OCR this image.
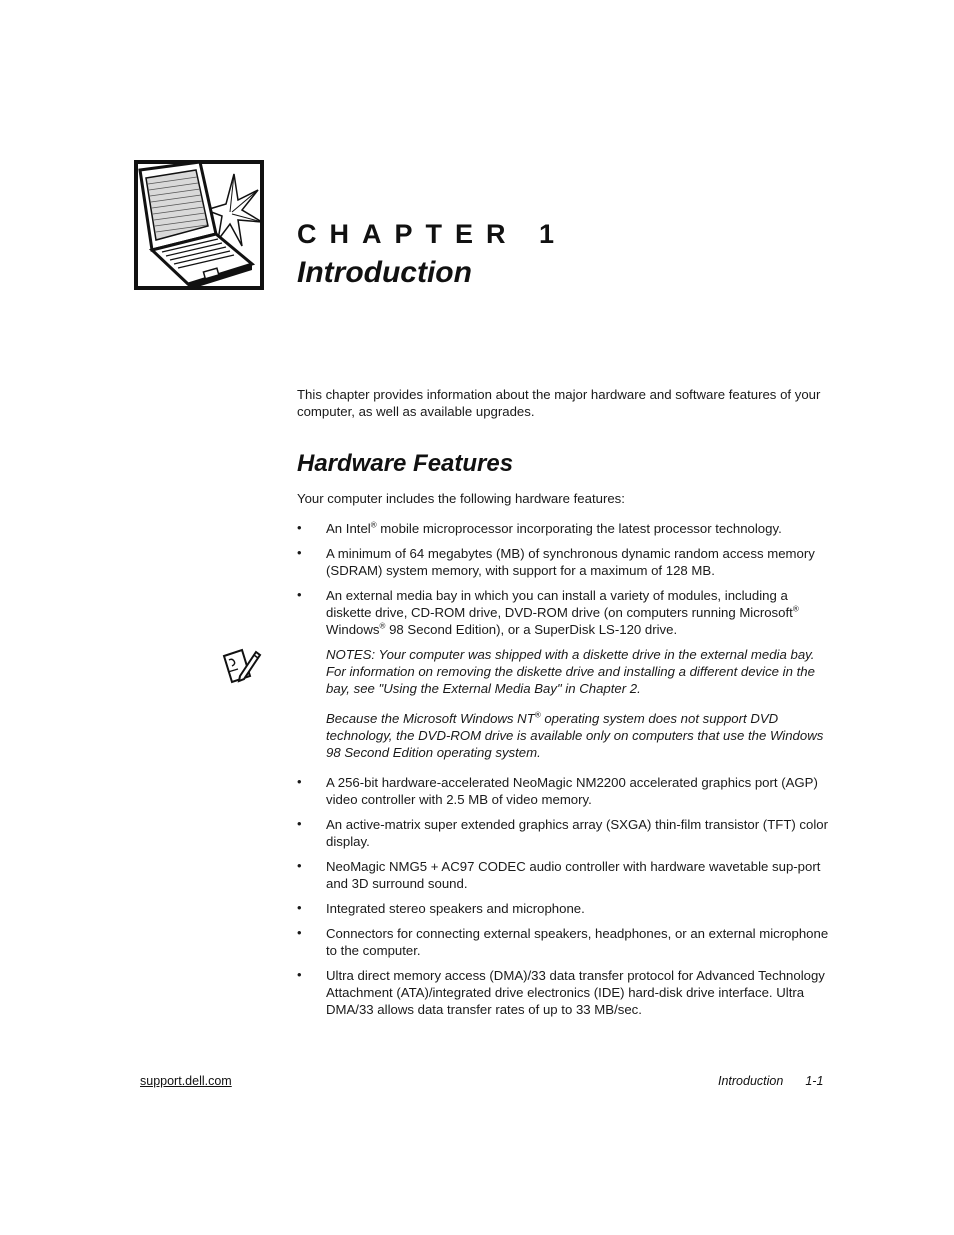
CHAPTER 1
Introduction
This chapter provides information about the major hardware and software features of your computer, as well as available upgrades.
Hardware Features
Your computer includes the following hardware features:
• An Intel® mobile microprocessor incorporating the latest processor technology.
• A minimum of 64 megabytes (MB) of synchronous dynamic random access memory (SDRAM) system memory, with support for a maximum of 128 MB.
• An external media bay in which you can install a variety of modules, including a diskette drive, CD-ROM drive, DVD-ROM drive (on computers running Microsoft® Windows® 98 Second Edition), or a SuperDisk LS-120 drive.
NOTES: Your computer was shipped with a diskette drive in the external media bay. For information on removing the diskette drive and installing a different device in the bay, see "Using the External Media Bay" in Chapter 2.
Because the Microsoft Windows NT® operating system does not support DVD technology, the DVD-ROM drive is available only on computers that use the Windows 98 Second Edition operating system.
• A 256-bit hardware-accelerated NeoMagic NM2200 accelerated graphics port (AGP) video controller with 2.5 MB of video memory.
• An active-matrix super extended graphics array (SXGA) thin-film transistor (TFT) color display.
• NeoMagic NMG5 + AC97 CODEC audio controller with hardware wavetable sup-port and 3D surround sound.
• Integrated stereo speakers and microphone.
• Connectors for connecting external speakers, headphones, or an external microphone to the computer.
• Ultra direct memory access (DMA)/33 data transfer protocol for Advanced Technology Attachment (ATA)/integrated drive electronics (IDE) hard-disk drive interface. Ultra DMA/33 allows data transfer rates of up to 33 MB/sec.
support.dell.com	Introduction 1-1
